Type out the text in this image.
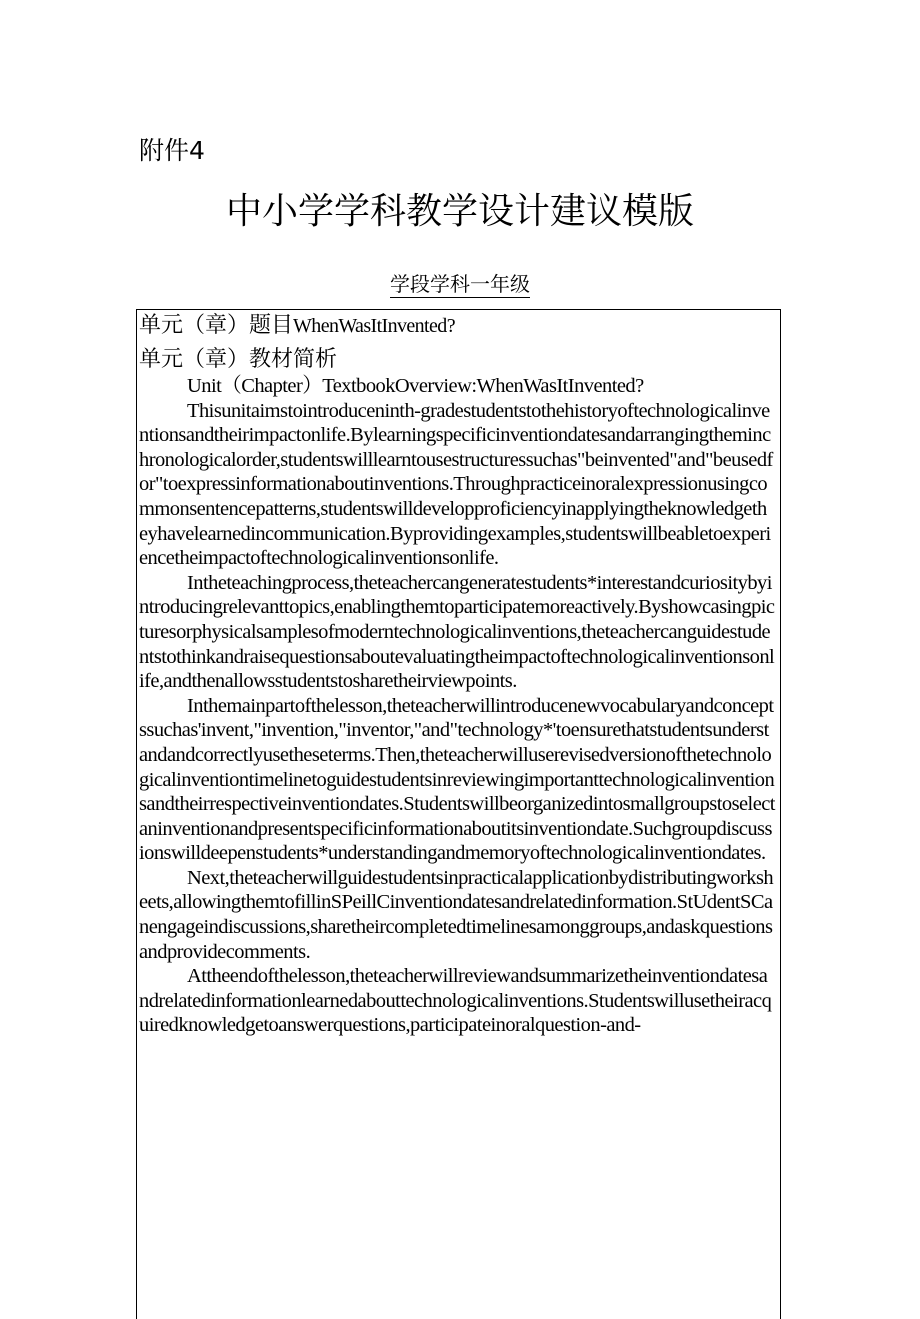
附件4
中小学学科教学设计建议模版
学段学科一年级
单元（章）题目WhenWasItInvented?
单元（章）教材简析

Unit（Chapter）TextbookOverview:WhenWasItInvented?

Thisunitaimstointroduceninth-gradestudentstothehistoryoftechnologicalinventionsandtheirimpactonlife.Bylearningspecificinventiondatesandarrangingtheminchronologicalorder,studentswilllearntousestructuressuchas"beinvented"and"beusedfor"toexpressinformationaboutinventions.Throughpracticeinoralexpressionusingcommonsentencepatterns,studentswilldevelopproficiencyinapplyingtheknowledgetheyhavelearnedincommunication.Byprovidingexamples,studentswillbeabletoexperiencetheimpactoftechnologicalinventionsonlife.

Intheteachingprocess,theteachercangeneratestudents*interestandcuriositybyintroducingrelevanttopics,enablingthemtoparticipatemoreactively.Byshowcasingpicturesorphysicalsamplesofmoderntechnologicalinventions,theteachercanguidestudentstothinkandraisequestionsaboutevaluatingtheimpactoftechnologicalinventionsonlife,andthenallowsstudentstosharetheirviewpoints.

Inthemainpartofthelesson,theteacherwillintroducenewvocabularyandconceptssuchas'invent,"invention,"inventor,"and"technology*'toensurethatstudentsunderstandandcorrectlyusetheseterms.Then,theteacherwilluserevisedversionofthetechnologicalinventiontimelinetoguidestudentsinreviewingimportanttechnologicalinventionsandtheirrespectiveinventiondates.Studentswillbeorganizedintosmallgroupstoselectaninventionandpresentspecificinformationaboutitsinventiondate.Suchgroupdiscussionswilldeepenstudents*understandingandmemoryoftechnologicalinventiondates.

Next,theteacherwillguidestudentsinpracticalapplicationbydistributingworksheets,allowingthemtofillinSPeillCinventiondatesandrelatedinformation.StUdentSCanengageindiscussions,sharetheircompletedtimelinesamonggroups,andaskquestionsandprovidecomments.

Attheendofthelesson,theteacherwillreviewandsummarizetheinventiondatesandrelatedinformationlearnedabouttechnologicalinventions.Studentswillusetheiracquiredknowledgetoanswerquestions,participateinoralquestion-and-
